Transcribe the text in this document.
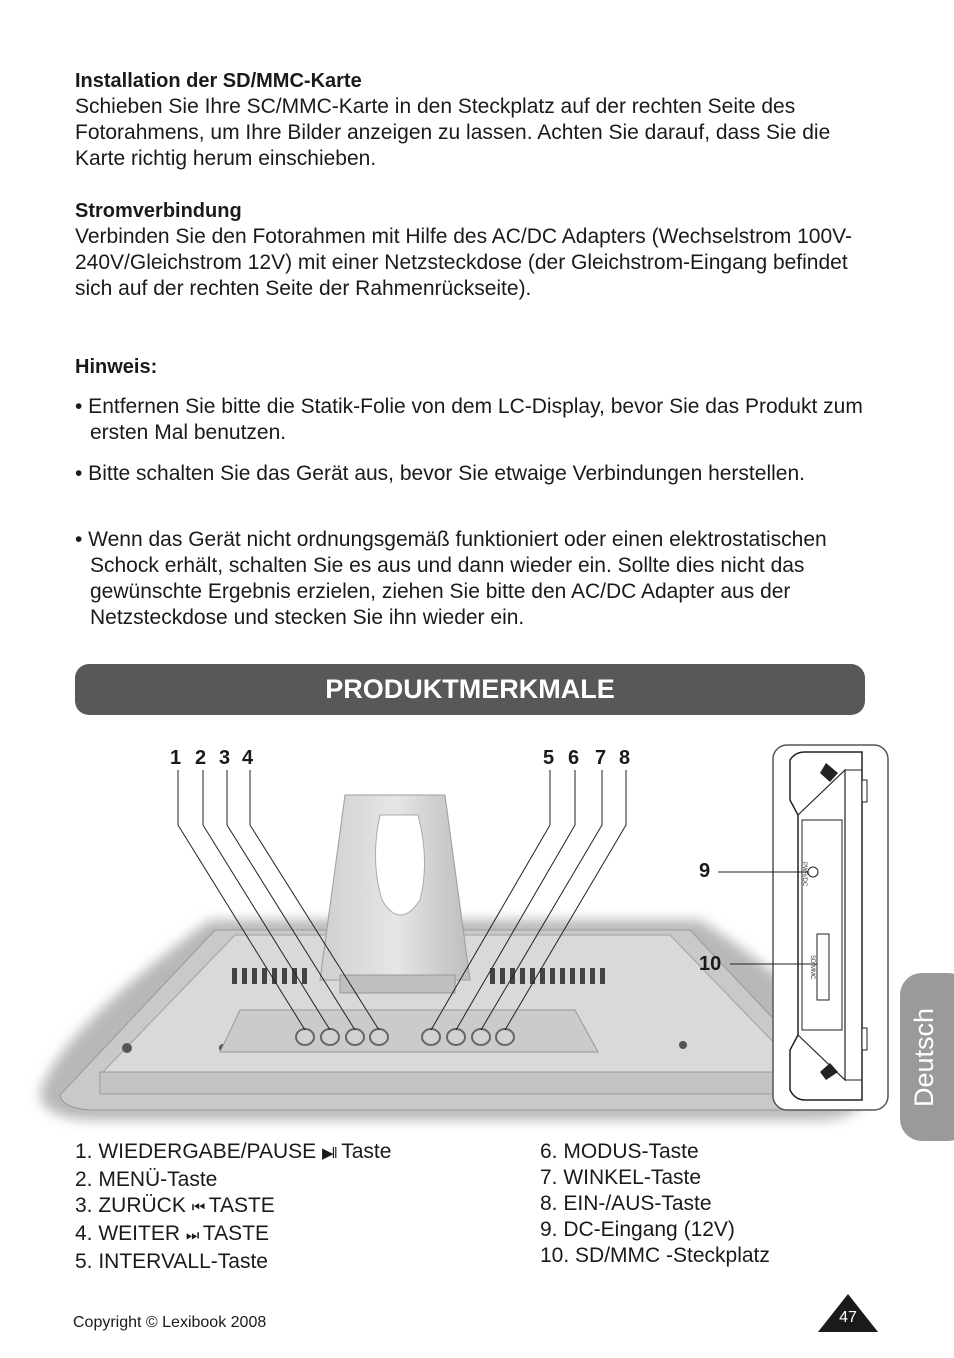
Installation der SD/MMC-Karte

Schieben Sie Ihre SC/MMC-Karte in den Steckplatz auf der rechten Seite des Fotorahmens, um Ihre Bilder anzeigen zu lassen. Achten Sie darauf, dass Sie die Karte richtig herum einschieben.

Stromverbindung

Verbinden Sie den Fotorahmen mit Hilfe des AC/DC Adapters (Wechselstrom 100V-240V/Gleichstrom 12V) mit einer Netzsteckdose (der Gleichstrom-Eingang befindet sich auf der rechten Seite der Rahmenrückseite).

Hinweis:
• Entfernen Sie bitte die Statik-Folie von dem LC-Display, bevor Sie das Produkt zum ersten Mal benutzen.
• Bitte schalten Sie das Gerät aus, bevor Sie etwaige Verbindungen herstellen.
• Wenn das Gerät nicht ordnungsgemäß funktioniert oder einen elektrostatischen Schock erhält, schalten Sie es aus und dann wieder ein. Sollte dies nicht das gewünschte Ergebnis erzielen, ziehen Sie bitte den AC/DC Adapter aus der Netzsteckdose und stecken Sie ihn wieder ein.
PRODUKTMERKMALE
PWR/DC
SD/MMC
1 2 3 4	5 6 7 8
9
10
Deutsch
1. WIEDERGABE/PAUSE ▶‖ Taste
2. MENÜ-Taste
3. ZURÜCK ⏮ TASTE
4. WEITER ⏭ TASTE
5. INTERVALL-Taste
6. MODUS-Taste
7. WINKEL-Taste
8. EIN-/AUS-Taste
9. DC-Eingang (12V)
10. SD/MMC -Steckplatz
Copyright © Lexibook 2008	47
